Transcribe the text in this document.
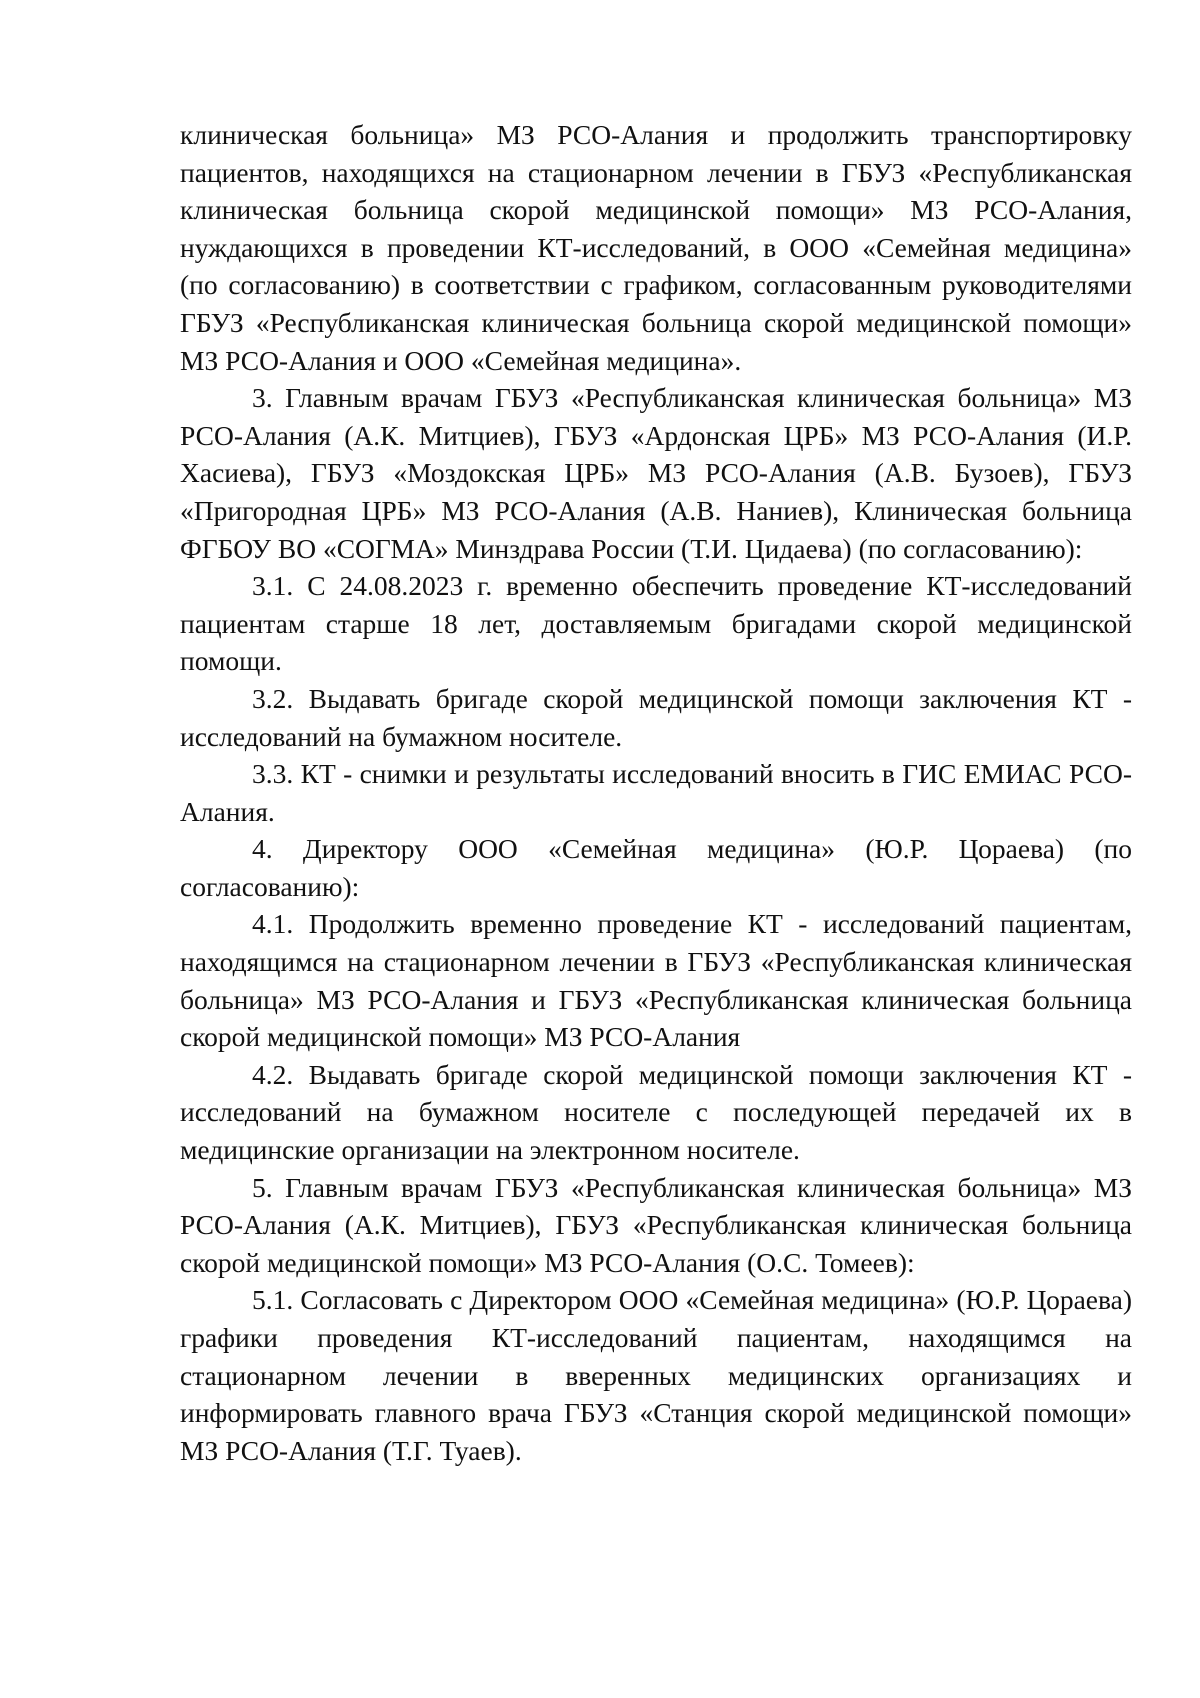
клиническая больница» МЗ РСО-Алания и продолжить транспортировку пациентов, находящихся на стационарном лечении в ГБУЗ «Республиканская клиническая больница скорой медицинской помощи» МЗ РСО-Алания, нуждающихся в проведении КТ-исследований, в ООО «Семейная медицина» (по согласованию) в соответствии с графиком, согласованным руководителями ГБУЗ «Республиканская клиническая больница скорой медицинской помощи» МЗ РСО-Алания и ООО «Семейная медицина».

3. Главным врачам ГБУЗ «Республиканская клиническая больница» МЗ РСО-Алания (А.К. Митциев), ГБУЗ «Ардонская ЦРБ» МЗ РСО-Алания (И.Р. Хасиева), ГБУЗ «Моздокская ЦРБ» МЗ РСО-Алания (А.В. Бузоев), ГБУЗ «Пригородная ЦРБ» МЗ РСО-Алания (А.В. Наниев), Клиническая больница ФГБОУ ВО «СОГМА» Минздрава России (Т.И. Цидаева) (по согласованию):

3.1. С 24.08.2023 г. временно обеспечить проведение КТ-исследований пациентам старше 18 лет, доставляемым бригадами скорой медицинской помощи.

3.2. Выдавать бригаде скорой медицинской помощи заключения КТ - исследований на бумажном носителе.

3.3. КТ - снимки и результаты исследований вносить в ГИС ЕМИАС РСО-Алания.

4. Директору ООО «Семейная медицина» (Ю.Р. Цораева) (по согласованию):

4.1. Продолжить временно проведение КТ - исследований пациентам, находящимся на стационарном лечении в ГБУЗ «Республиканская клиническая больница» МЗ РСО-Алания и ГБУЗ «Республиканская клиническая больница скорой медицинской помощи» МЗ РСО-Алания

4.2. Выдавать бригаде скорой медицинской помощи заключения КТ - исследований на бумажном носителе с последующей передачей их в медицинские организации на электронном носителе.

5. Главным врачам ГБУЗ «Республиканская клиническая больница» МЗ РСО-Алания (А.К. Митциев), ГБУЗ «Республиканская клиническая больница скорой медицинской помощи» МЗ РСО-Алания (О.С. Томеев):

5.1. Согласовать с Директором ООО «Семейная медицина» (Ю.Р. Цораева) графики проведения КТ-исследований пациентам, находящимся на стационарном лечении в вверенных медицинских организациях и информировать главного врача ГБУЗ «Станция скорой медицинской помощи» МЗ РСО-Алания (Т.Г. Туаев).
